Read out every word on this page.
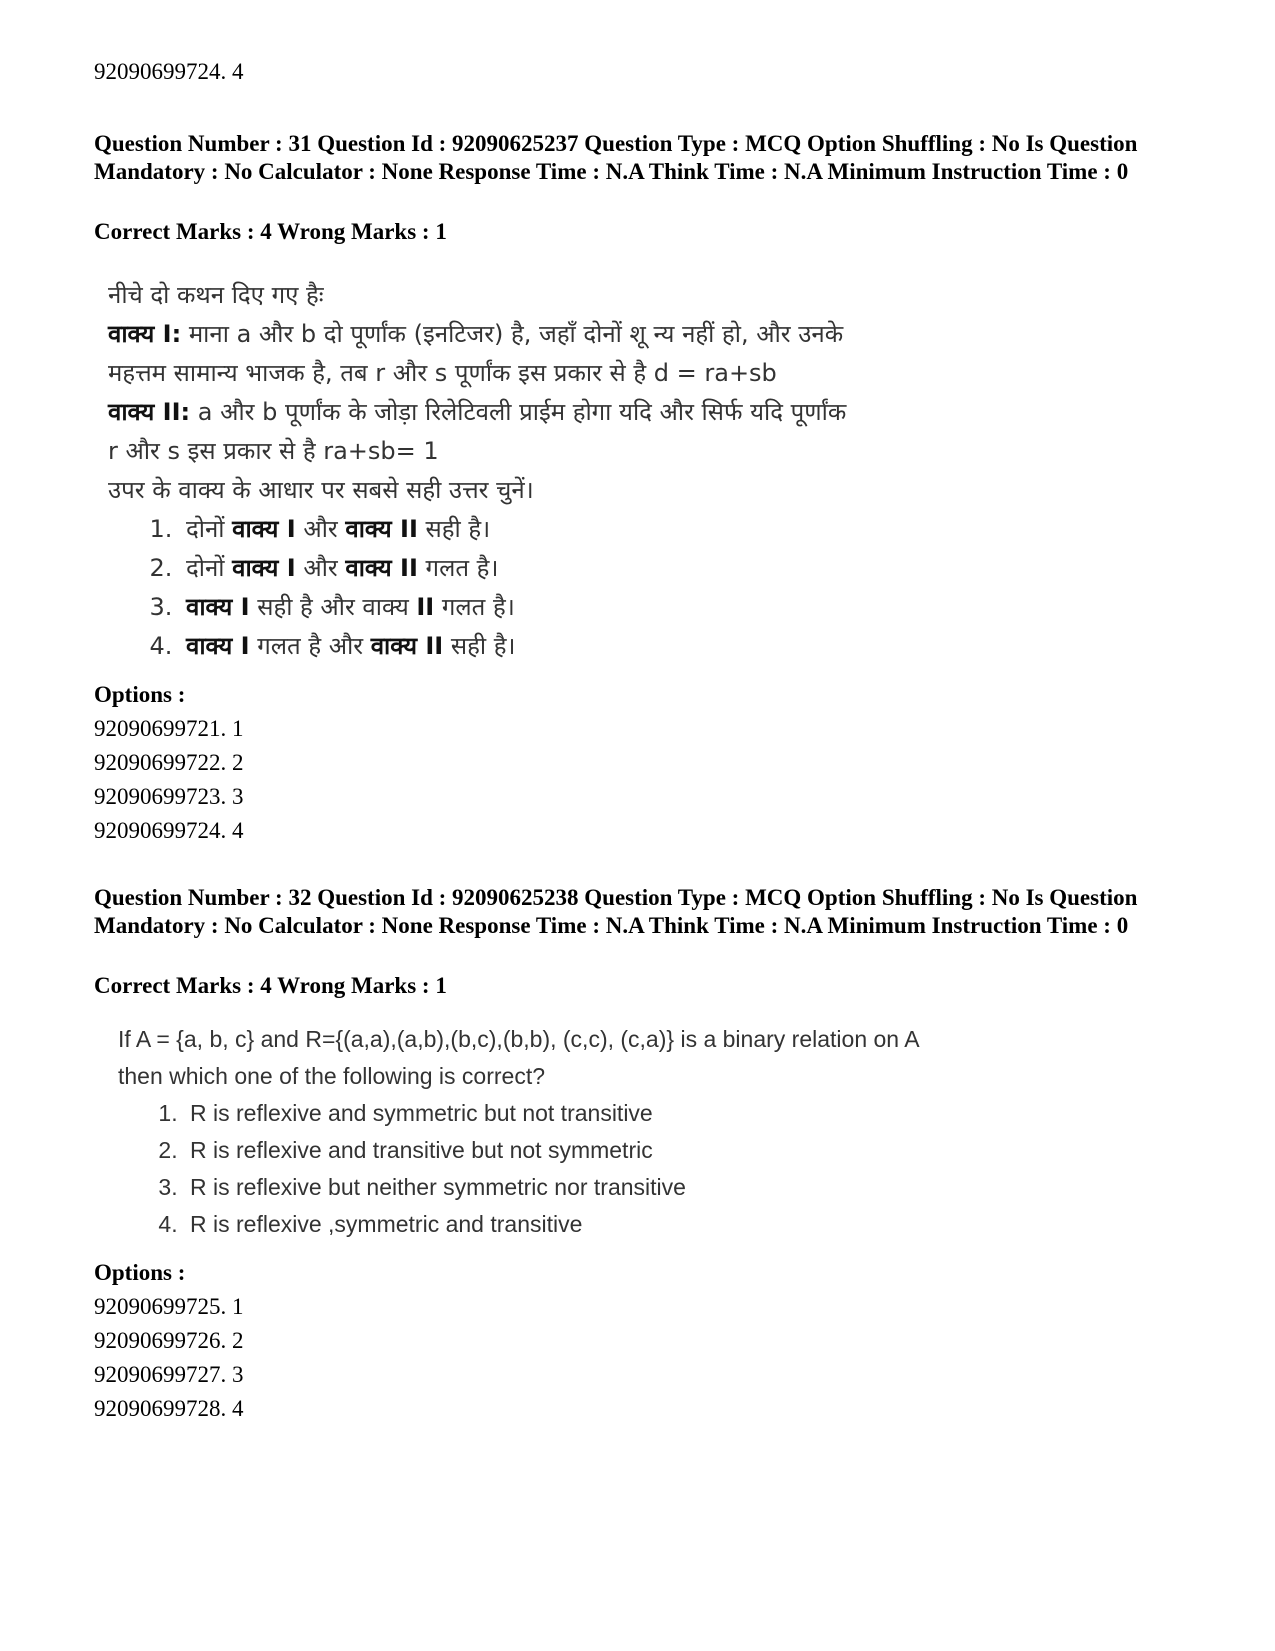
92090699724. 4
Question Number : 31 Question Id : 92090625237 Question Type : MCQ Option Shuffling : No Is Question Mandatory : No Calculator : None Response Time : N.A Think Time : N.A Minimum Instruction Time : 0
Correct Marks : 4 Wrong Marks : 1
नीचे दो कथन दिए गए हैः
वाक्य I: माना a और b दो पूर्णांक (इनटिजर) है, जहाँ दोनों शू न्य नहीं हो, और उनके
महत्तम सामान्य भाजक है, तब r और s पूर्णांक इस प्रकार से है d = ra+sb
वाक्य II: a और b पूर्णांक के जोड़ा रिलेटिवली प्राईम होगा यदि और सिर्फ यदि पूर्णांक
r और s इस प्रकार से है ra+sb= 1
उपर के वाक्य के आधार पर सबसे सही उत्तर चुनें।
1. दोनों वाक्य I और वाक्य II सही है।
2. दोनों वाक्य I और वाक्य II गलत है।
3. वाक्य I सही है और वाक्य II गलत है।
4. वाक्य I गलत है और वाक्य II सही है।
Options :
92090699721. 1
92090699722. 2
92090699723. 3
92090699724. 4
Question Number : 32 Question Id : 92090625238 Question Type : MCQ Option Shuffling : No Is Question Mandatory : No Calculator : None Response Time : N.A Think Time : N.A Minimum Instruction Time : 0
Correct Marks : 4 Wrong Marks : 1
If A = {a, b, c} and R={(a,a),(a,b),(b,c),(b,b), (c,c), (c,a)} is a binary relation on A
then which one of the following is correct?
1. R is reflexive and symmetric but not transitive
2. R is reflexive and transitive but not symmetric
3. R is reflexive but neither symmetric nor transitive
4. R is reflexive ,symmetric and transitive
Options :
92090699725. 1
92090699726. 2
92090699727. 3
92090699728. 4
